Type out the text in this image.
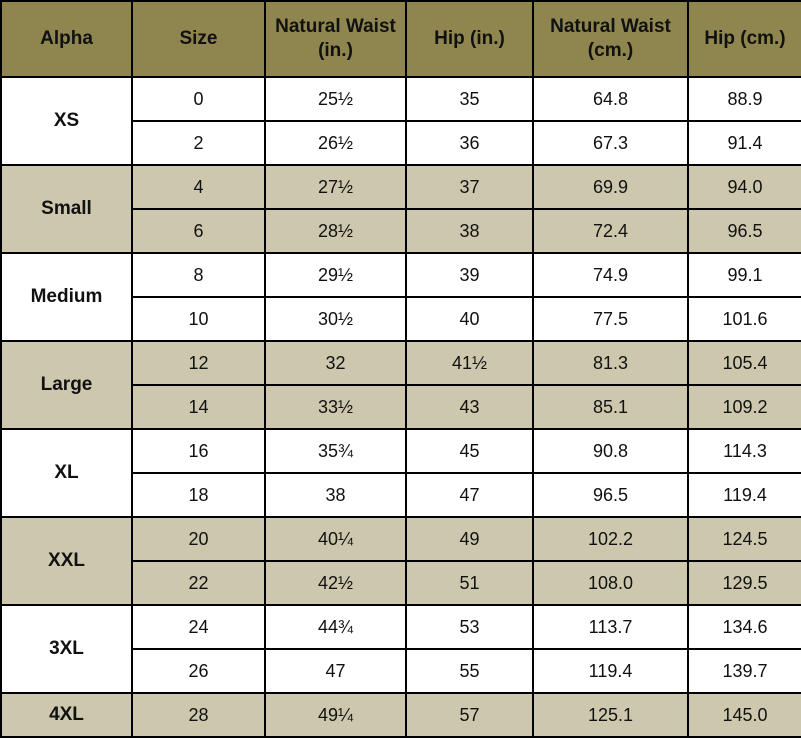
Alpha	Size	Natural Waist (in.)	Hip (in.)	Natural Waist (cm.)	Hip (cm.)
XS	0	25½	35	64.8	88.9
	2	26½	36	67.3	91.4
Small	4	27½	37	69.9	94.0
	6	28½	38	72.4	96.5
Medium	8	29½	39	74.9	99.1
	10	30½	40	77.5	101.6
Large	12	32	41½	81.3	105.4
	14	33½	43	85.1	109.2
XL	16	35¾	45	90.8	114.3
	18	38	47	96.5	119.4
XXL	20	40¼	49	102.2	124.5
	22	42½	51	108.0	129.5
3XL	24	44¾	53	113.7	134.6
	26	47	55	119.4	139.7
4XL	28	49¼	57	125.1	145.0
